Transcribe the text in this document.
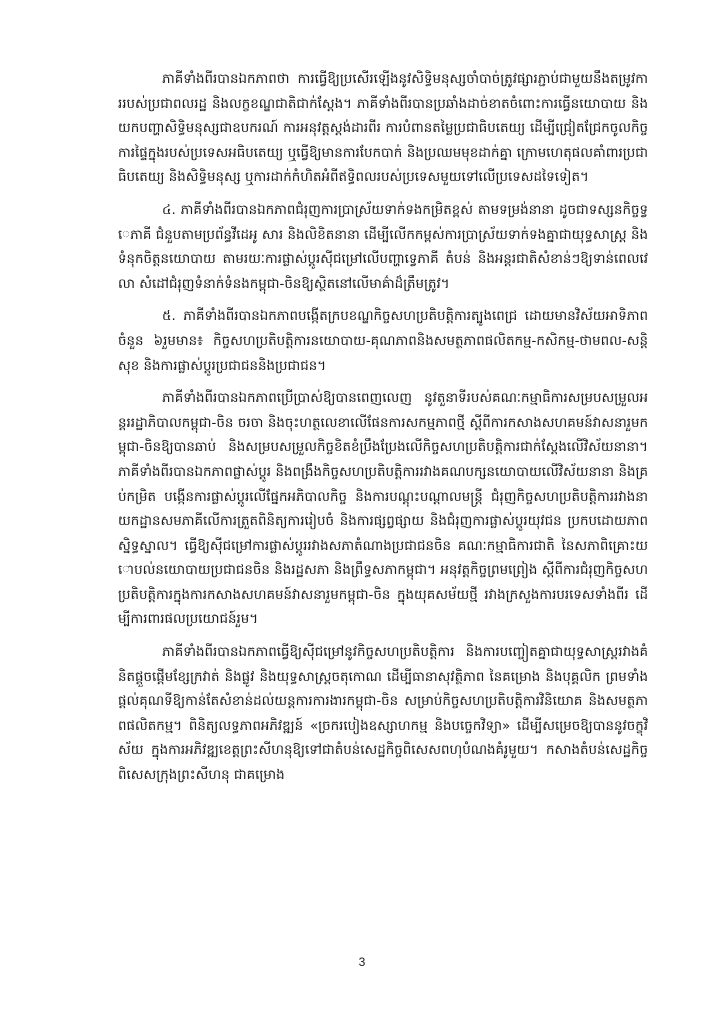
ភាគីទាំងពីរបានឯកភាពថា ការធ្វើឱ្យប្រសើរឡើងនូវសិទ្ធិមនុស្សចាំបាច់ត្រូវផ្សារភ្ជាប់ជាមួយនឹងតម្រូវការរបស់ប្រជាពលរដ្ឋ និងលក្ខខណ្ឌជាតិជាក់ស្ដែង។ ភាគីទាំងពីរបានប្រឆាំងដាច់ខាតចំពោះការធ្វើនយោបាយ និងយកបញ្ហាសិទ្ធិមនុស្សជាឧបករណ៍ ការអនុវត្តស្តង់ដារពីរ ការបំពានតម្លៃប្រជាធិបតេយ្យ ដើម្បីជ្រៀតជ្រែកចូលកិច្ចការផ្ទៃក្នុងរបស់ប្រទេសអធិបតេយ្យ ឬធ្វើឱ្យមានការបែកបាក់ និងប្រឈមមុខដាក់គ្នា ក្រោមហេតុផលគាំពារប្រជាធិបតេយ្យ និងសិទ្ធិមនុស្ស ឬការដាក់កំហិតអំពីឥទ្ធិពលរបស់ប្រទេសមួយទៅលើប្រទេសដទៃទៀត។

៤. ភាគីទាំងពីរបានឯកភាពជំរុញការប្រាស្រ័យទាក់ទងកម្រិតខ្ពស់ តាមទម្រង់នានា ដូចជាទស្សនកិច្ចទ្វេភាគី ជំនួបតាមប្រព័ន្ធវីដេអូ សារ និងលិខិតនានា ដើម្បីលើកកម្ពស់ការប្រាស្រ័យទាក់ទងគ្នាជាយុទ្ធសាស្ត្រ និងទំនុកចិត្តនយោបាយ តាមរយៈការផ្លាស់ប្តូរស៊ីជម្រៅលើបញ្ហាទ្វេភាគី តំបន់ និងអន្តរជាតិសំខាន់ៗឱ្យទាន់ពេលវេលា សំដៅជំរុញទំនាក់ទំនងកម្ពុជា-ចិនឱ្យស្ថិតនៅលើមាគ៌ាដ៏ត្រឹមត្រូវ។

៥. ភាគីទាំងពីរបានឯកភាពបង្កើតក្របខណ្ឌកិច្ចសហប្រតិបត្តិការត្បូងពេជ្រ ដោយមានវិស័យអាទិភាពចំនួន ៦រួមមាន៖ កិច្ចសហប្រតិបត្តិការនយោបាយ-គុណភាពនិងសមត្ថភាពផលិតកម្ម-កសិកម្ម-ថាមពល-សន្តិសុខ និងការផ្លាស់ប្តូរប្រជាជននិងប្រជាជន។

ភាគីទាំងពីរបានឯកភាពប្រើប្រាស់ឱ្យបានពេញលេញ នូវតួនាទីរបស់គណៈកម្មាធិការសម្របសម្រួលអន្តររដ្ឋាភិបាលកម្ពុជា-ចិន ចរចា និងចុះហត្ថលេខាលើផែនការសកម្មភាពថ្មី ស្តីពីការកសាងសហគមន៍វាសនារួមកម្ពុជា-ចិនឱ្យបានឆាប់ និងសម្របសម្រួលកិច្ចខិតខំប្រឹងប្រែងលើកិច្ចសហប្រតិបត្តិការជាក់ស្តែងលើវិស័យនានា។ ភាគីទាំងពីរបានឯកភាពផ្លាស់ប្តូរ និងពង្រឹងកិច្ចសហប្រតិបត្តិការរវាងគណបក្សនយោបាយលើវិស័យនានា និងគ្រប់កម្រិត បង្កើនការផ្លាស់ប្តូរលើផ្នែកអភិបាលកិច្ច និងការបណ្តុះបណ្តាលមន្ត្រី ជំរុញកិច្ចសហប្រតិបត្តិការរវាងនាយកដ្ឋានសមភាគីលើការត្រួតពិនិត្យការរៀបចំ និងការផ្សព្វផ្សាយ និងជំរុញការផ្លាស់ប្តូរយុវជន ប្រកបដោយភាពស្និទ្ធស្នាល។ ធ្វើឱ្យស៊ីជម្រៅការផ្លាស់ប្តូររវាងសភាតំណាងប្រជាជនចិន គណៈកម្មាធិការជាតិ នៃសភាពិគ្រោះយោបល់នយោបាយប្រជាជនចិន និងរដ្ឋសភា និងព្រឹទ្ធសភាកម្ពុជា។ អនុវត្តកិច្ចព្រមព្រៀង ស្តីពីការជំរុញកិច្ចសហប្រតិបត្តិការក្នុងការកសាងសហគមន៍វាសនារួមកម្ពុជា-ចិន ក្នុងយុគសម័យថ្មី រវាងក្រសួងការបរទេសទាំងពីរ ដើម្បីការពារផលប្រយោជន៍រួម។

ភាគីទាំងពីរបានឯកភាពធ្វើឱ្យស៊ីជម្រៅនូវកិច្ចសហប្រតិបត្តិការ និងការបញ្ចៀតគ្នាជាយុទ្ធសាស្ត្ររវាងគំនិតផ្តួចផ្តើមខ្សែក្រវាត់ និងផ្លូវ និងយុទ្ធសាស្ត្រចតុកោណ ដើម្បីធានាសុវត្ថិភាព នៃគម្រោង និងបុគ្គលិក ព្រមទាំងផ្តល់គុណទីឱ្យកាន់តែសំខាន់ដល់យន្តការការងារកម្ពុជា-ចិន សម្រាប់កិច្ចសហប្រតិបត្តិការវិនិយោគ និងសមត្ថភាពផលិតកម្ម។ ពិនិត្យលទ្ធភាពអភិវឌ្ឍន៍ «ច្រករបៀងឧស្សាហកម្ម និងបច្ចេកវិទ្យា» ដើម្បីសម្រេចឱ្យបាននូវចក្ខុវិស័យ ក្នុងការអភិវឌ្ឍខេត្តព្រះសីហនុឱ្យទៅជាតំបន់សេដ្ឋកិច្ចពិសេសពហុបំណងគំរូមួយ។ កសាងតំបន់សេដ្ឋកិច្ចពិសេសក្រុងព្រះសីហនុ ជាគម្រោង

3
